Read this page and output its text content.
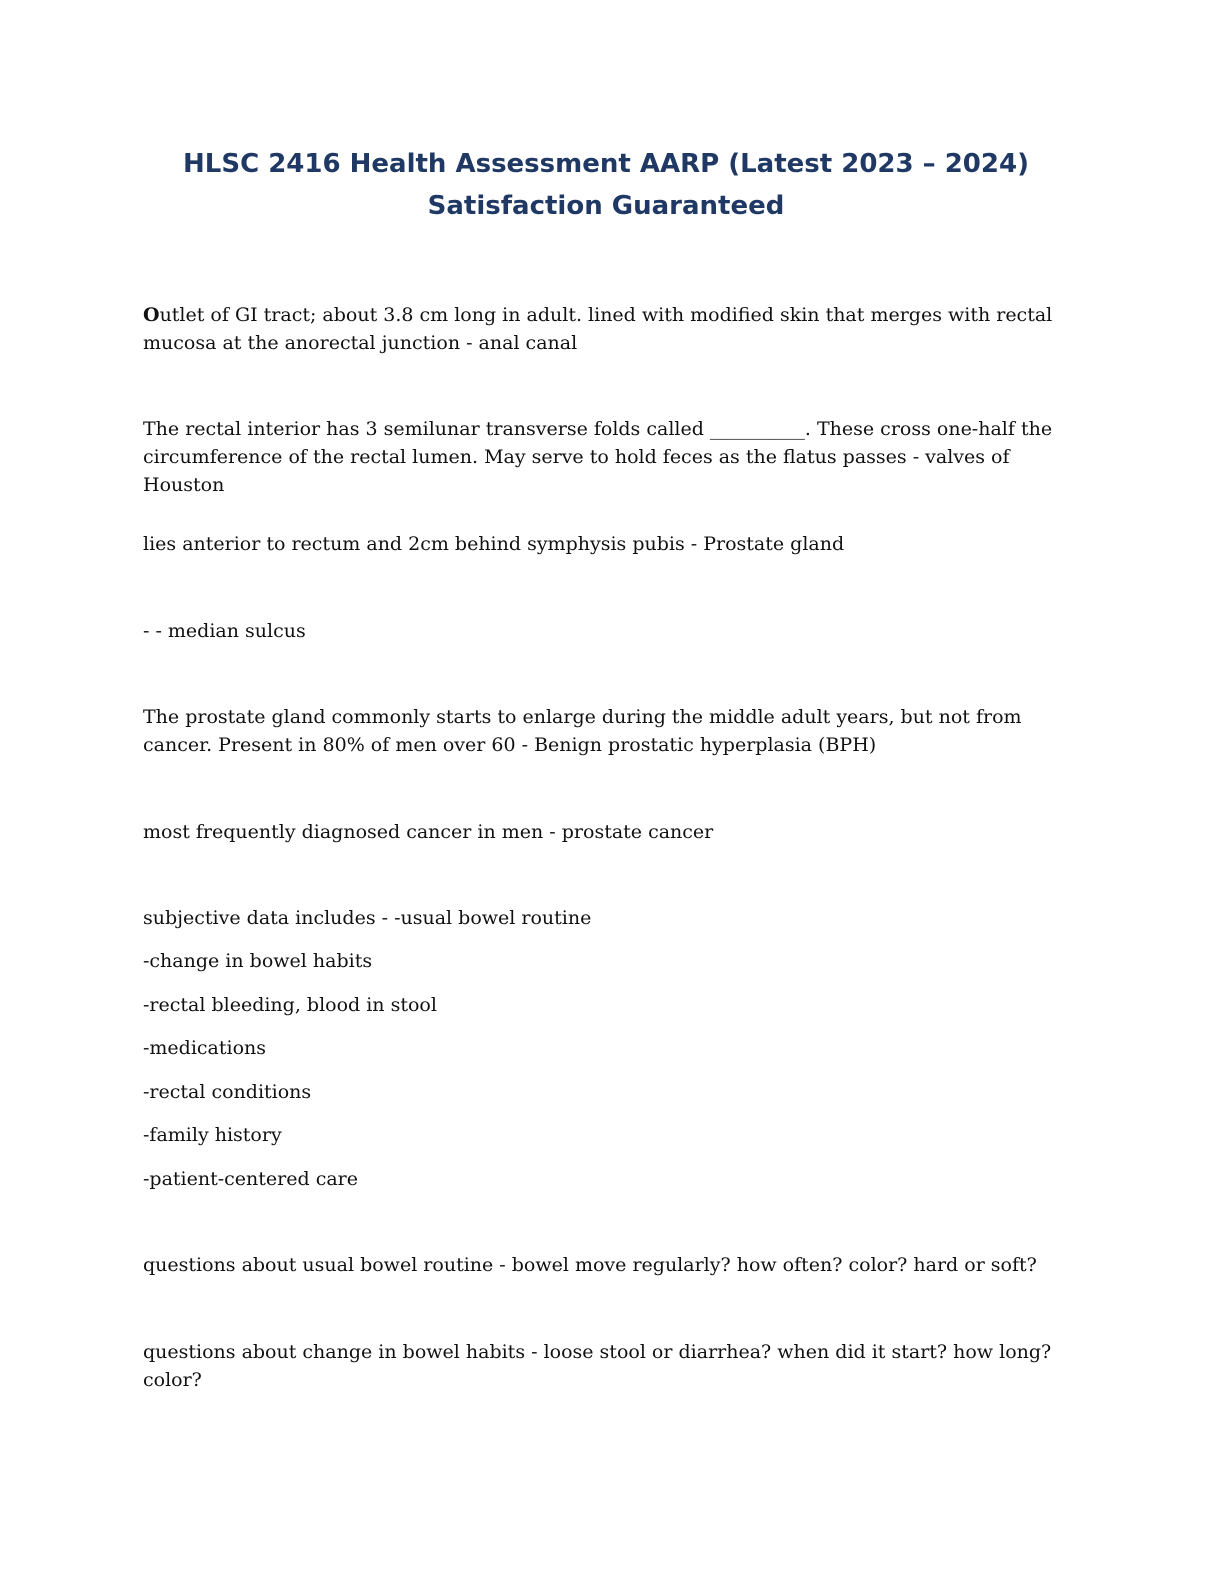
HLSC 2416 Health Assessment AARP (Latest 2023 – 2024)
Satisfaction Guaranteed

Outlet of GI tract; about 3.8 cm long in adult. lined with modified skin that merges with rectal mucosa at the anorectal junction - anal canal

The rectal interior has 3 semilunar transverse folds called __________. These cross one-half the circumference of the rectal lumen. May serve to hold feces as the flatus passes - valves of Houston

lies anterior to rectum and 2cm behind symphysis pubis - Prostate gland

- - median sulcus

The prostate gland commonly starts to enlarge during the middle adult years, but not from cancer. Present in 80% of men over 60 - Benign prostatic hyperplasia (BPH)

most frequently diagnosed cancer in men - prostate cancer

subjective data includes - -usual bowel routine
-change in bowel habits
-rectal bleeding, blood in stool
-medications
-rectal conditions
-family history
-patient-centered care

questions about usual bowel routine - bowel move regularly? how often? color? hard or soft?

questions about change in bowel habits - loose stool or diarrhea? when did it start? how long? color?
